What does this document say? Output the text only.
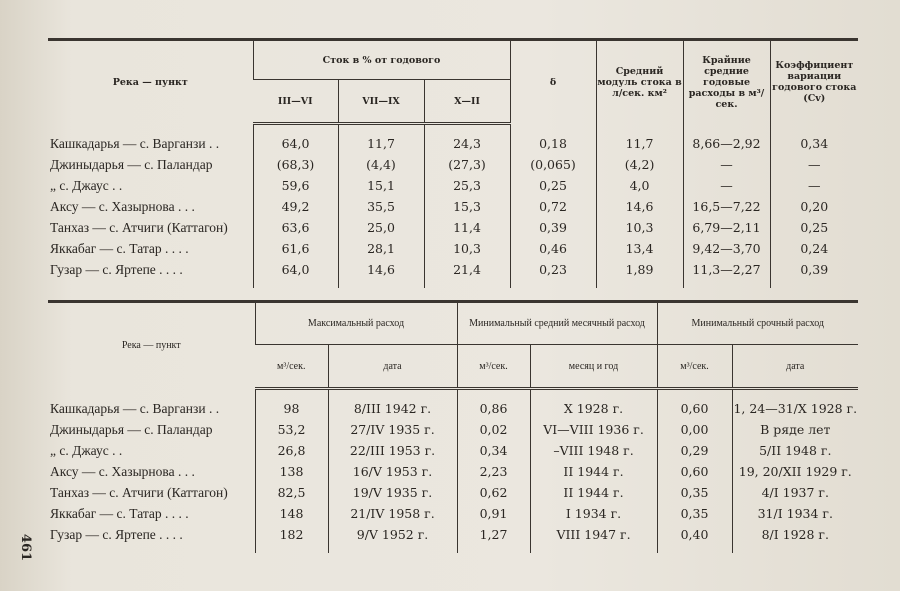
Река — пункт	Сток в % от годового			δ	Средний модуль стока в л/сек. км²	Крайние средние годовые расходы в м³/сек.	Коэффициент вариации годового стока (Cv)
	III—VI	VII—IX	X—II				

Кашкадарья — с. Варганзи . .	64,0	11,7	24,3	0,18	11,7	8,66—2,92	0,34
Джиныдарья — с. Паландар	(68,3)	(4,4)	(27,3)	(0,065)	(4,2)	—	—
„ с. Джаус . .	59,6	15,1	25,3	0,25	4,0	—	—
Аксу — с. Хазырнова . . .	49,2	35,5	15,3	0,72	14,6	16,5—7,22	0,20
Танхаз — с. Атчиги (Каттагон)	63,6	25,0	11,4	0,39	10,3	6,79—2,11	0,25
Яккабаг — с. Татар . . . .	61,6	28,1	10,3	0,46	13,4	9,42—3,70	0,24
Гузар — с. Яртепе . . . .	64,0	14,6	21,4	0,23	1,89	11,3—2,27	0,39

Река — пункт	Максимальный расход		Минимальный средний месячный расход		Минимальный срочный расход	
	м³/сек.	дата	м³/сек.	месяц и год	м³/сек.	дата

Кашкадарья — с. Варганзи . .	98	8/III 1942 г.	0,86	X 1928 г.	0,60	1, 24—31/X 1928 г.
Джиныдарья — с. Паландар	53,2	27/IV 1935 г.	0,02	VI—VIII 1936 г.	0,00	В ряде лет
„ с. Джаус . .	26,8	22/III 1953 г.	0,34	–VIII 1948 г.	0,29	5/II 1948 г.
Аксу — с. Хазырнова . . .	138	16/V 1953 г.	2,23	II 1944 г.	0,60	19, 20/XII 1929 г.
Танхаз — с. Атчиги (Каттагон)	82,5	19/V 1935 г.	0,62	II 1944 г.	0,35	4/I 1937 г.
Яккабаг — с. Татар . . . .	148	21/IV 1958 г.	0,91	I 1934 г.	0,35	31/I 1934 г.
Гузар — с. Яртепе . . . .	182	9/V 1952 г.	1,27	VIII 1947 г.	0,40	8/I 1928 г.

461
